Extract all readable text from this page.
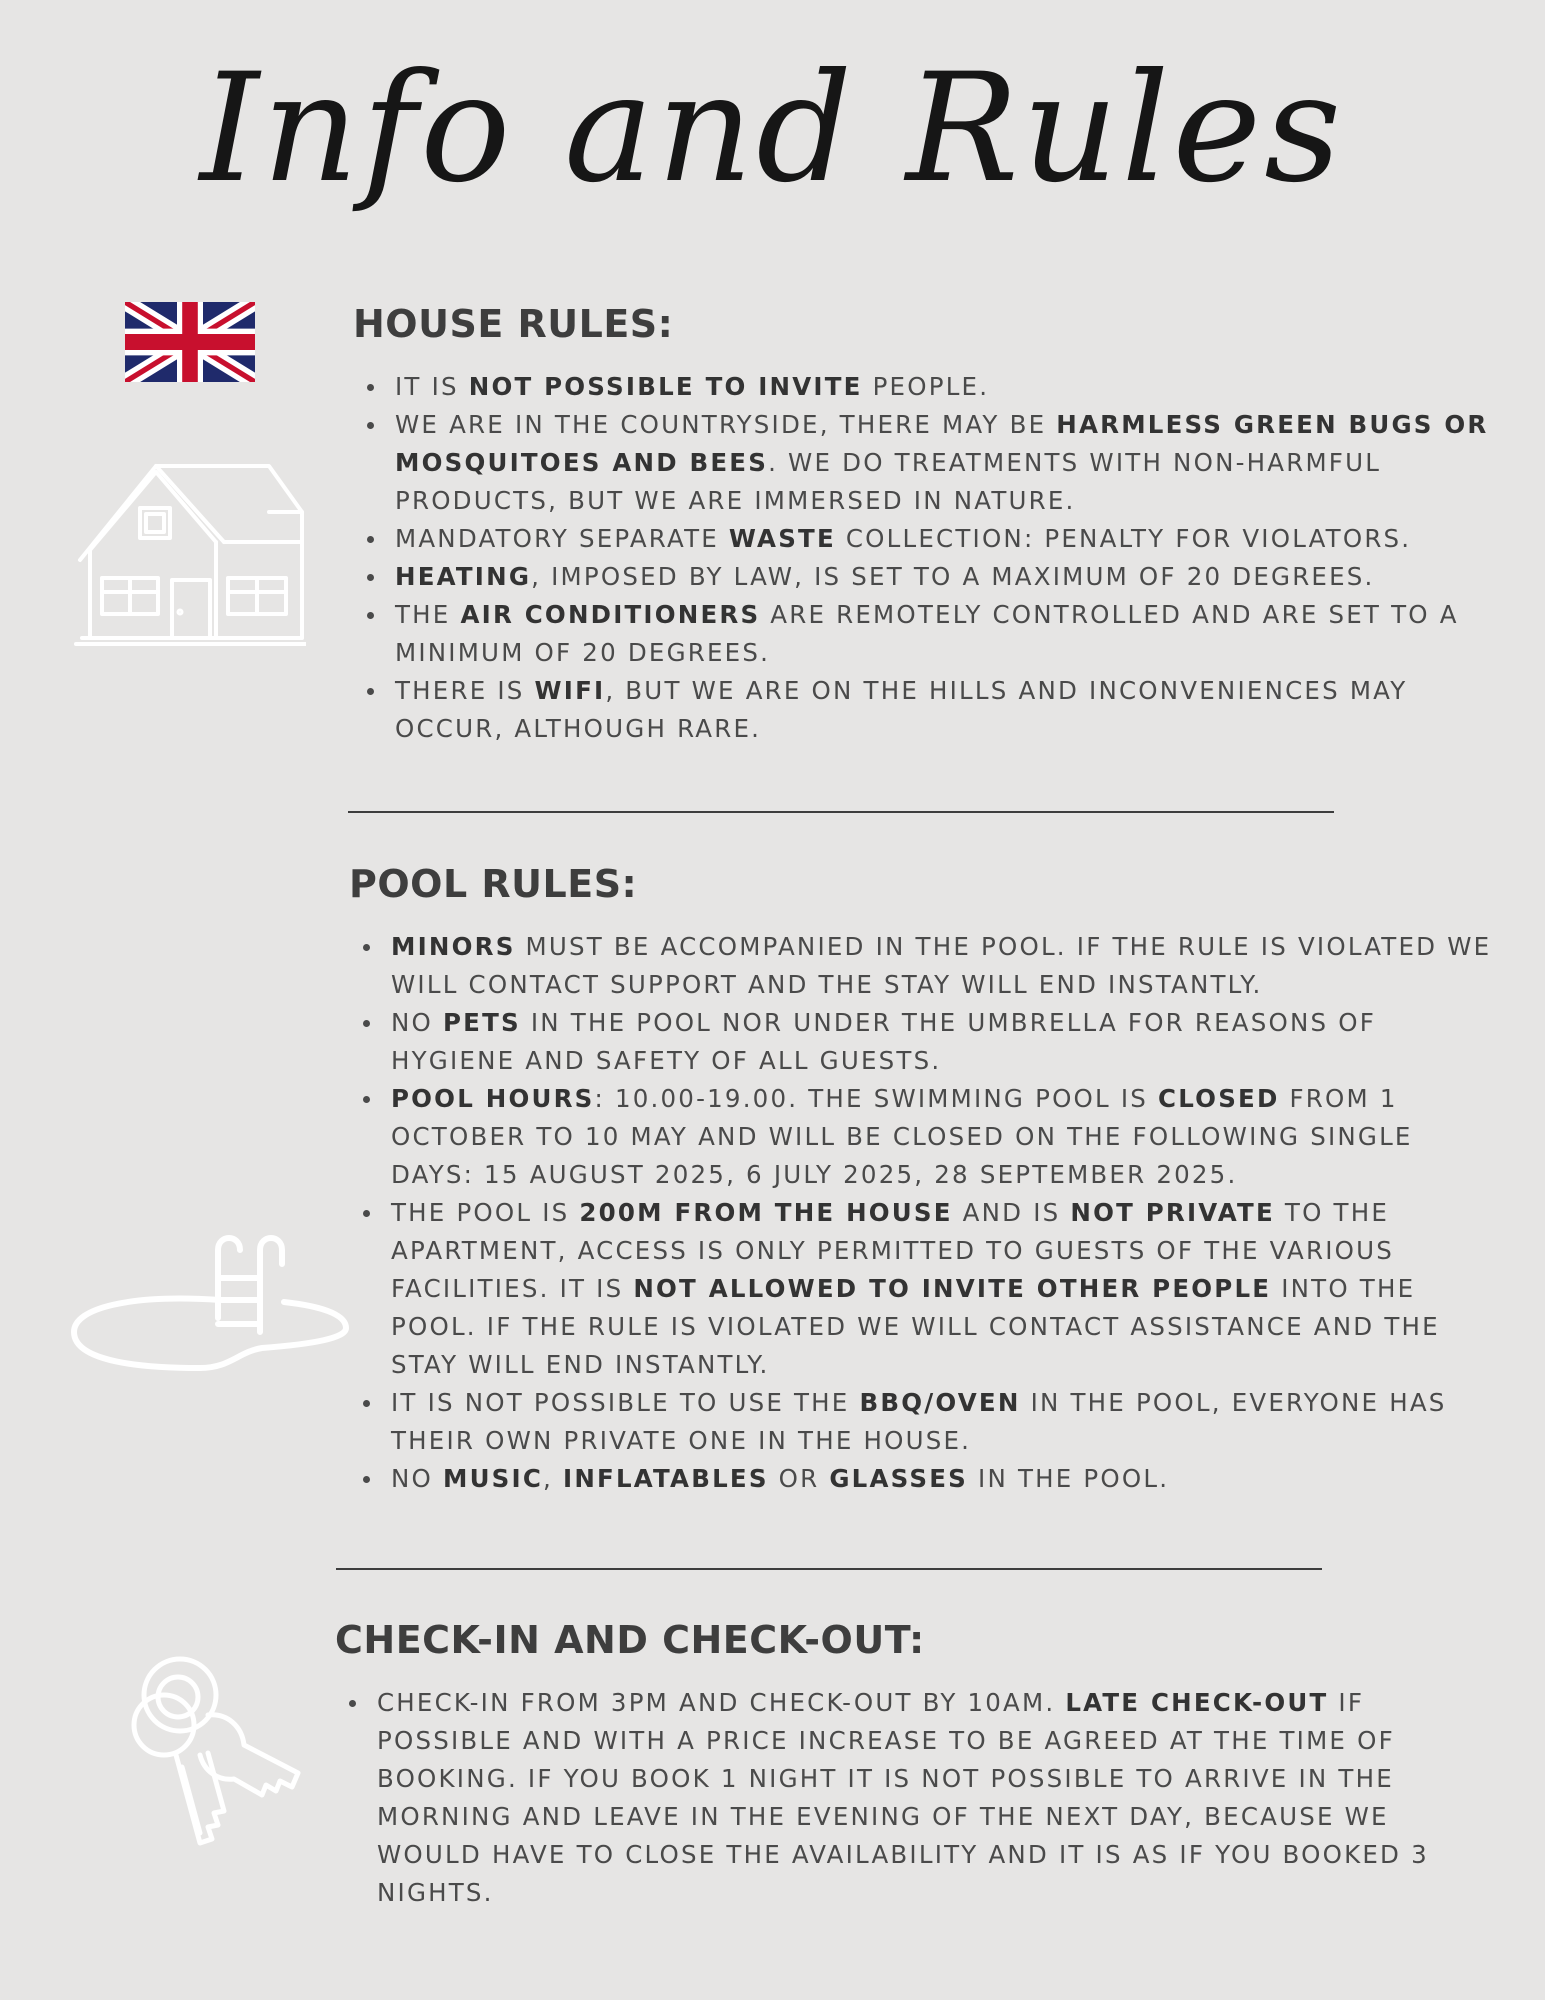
Info and Rules
HOUSE RULES:
IT IS NOT POSSIBLE TO INVITE PEOPLE.
WE ARE IN THE COUNTRYSIDE, THERE MAY BE HARMLESS GREEN BUGS OR MOSQUITOES AND BEES. WE DO TREATMENTS WITH NON-HARMFUL PRODUCTS, BUT WE ARE IMMERSED IN NATURE.
MANDATORY SEPARATE WASTE COLLECTION: PENALTY FOR VIOLATORS.
HEATING, IMPOSED BY LAW, IS SET TO A MAXIMUM OF 20 DEGREES.
THE AIR CONDITIONERS ARE REMOTELY CONTROLLED AND ARE SET TO A MINIMUM OF 20 DEGREES.
THERE IS WIFI, BUT WE ARE ON THE HILLS AND INCONVENIENCES MAY OCCUR, ALTHOUGH RARE.
POOL RULES:
MINORS MUST BE ACCOMPANIED IN THE POOL. IF THE RULE IS VIOLATED WE WILL CONTACT SUPPORT AND THE STAY WILL END INSTANTLY.
NO PETS IN THE POOL NOR UNDER THE UMBRELLA FOR REASONS OF HYGIENE AND SAFETY OF ALL GUESTS.
POOL HOURS: 10.00-19.00. THE SWIMMING POOL IS CLOSED FROM 1 OCTOBER TO 10 MAY AND WILL BE CLOSED ON THE FOLLOWING SINGLE DAYS: 15 AUGUST 2025, 6 JULY 2025, 28 SEPTEMBER 2025.
THE POOL IS 200M FROM THE HOUSE AND IS NOT PRIVATE TO THE APARTMENT, ACCESS IS ONLY PERMITTED TO GUESTS OF THE VARIOUS FACILITIES. IT IS NOT ALLOWED TO INVITE OTHER PEOPLE INTO THE POOL. IF THE RULE IS VIOLATED WE WILL CONTACT ASSISTANCE AND THE STAY WILL END INSTANTLY.
IT IS NOT POSSIBLE TO USE THE BBQ/OVEN IN THE POOL, EVERYONE HAS THEIR OWN PRIVATE ONE IN THE HOUSE.
NO MUSIC, INFLATABLES OR GLASSES IN THE POOL.
CHECK-IN AND CHECK-OUT:
CHECK-IN FROM 3PM AND CHECK-OUT BY 10AM. LATE CHECK-OUT IF POSSIBLE AND WITH A PRICE INCREASE TO BE AGREED AT THE TIME OF BOOKING. IF YOU BOOK 1 NIGHT IT IS NOT POSSIBLE TO ARRIVE IN THE MORNING AND LEAVE IN THE EVENING OF THE NEXT DAY, BECAUSE WE WOULD HAVE TO CLOSE THE AVAILABILITY AND IT IS AS IF YOU BOOKED 3 NIGHTS.
